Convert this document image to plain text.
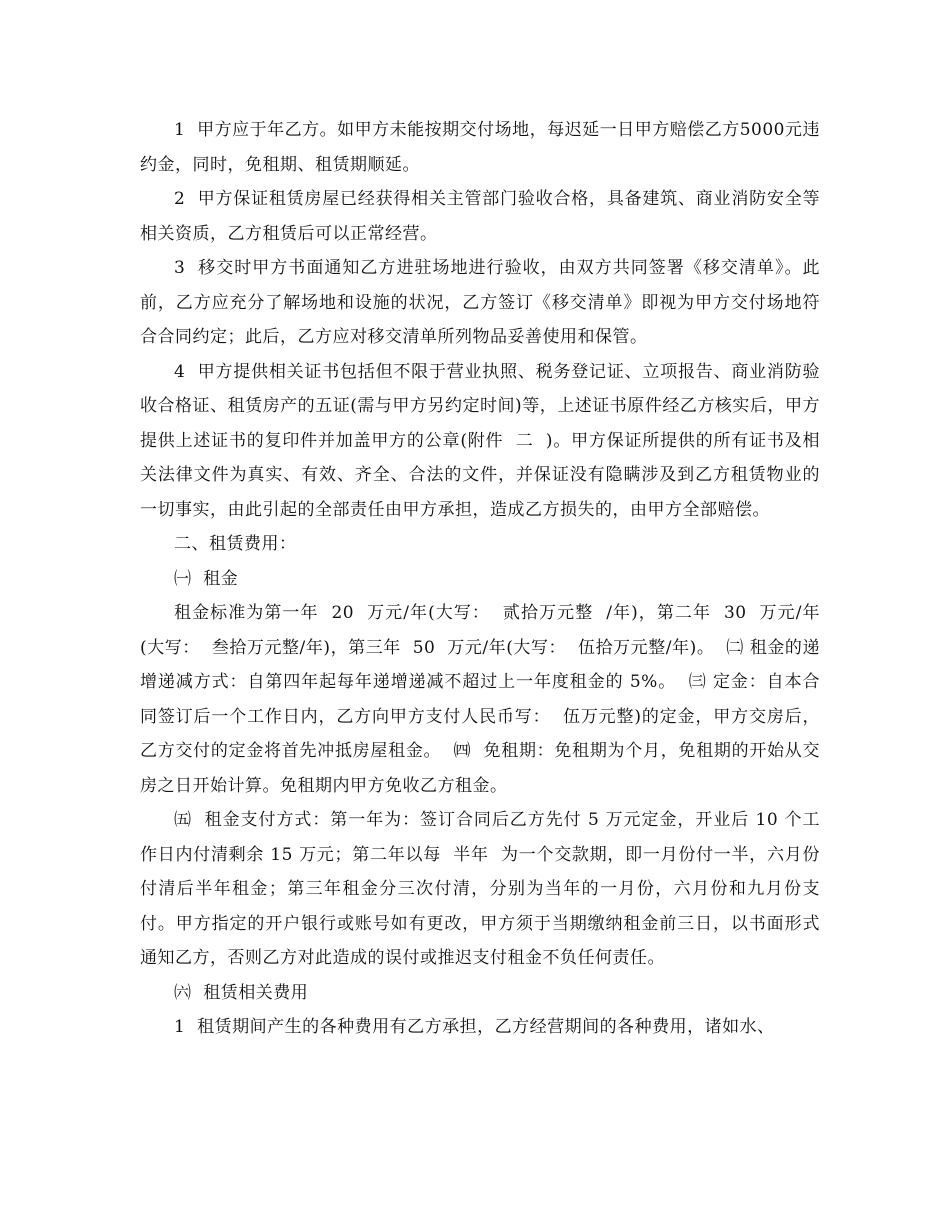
1  甲方应于年乙方。如甲方未能按期交付场地，每迟延一日甲方赔偿乙方5000元违约金，同时，免租期、租赁期顺延。

2  甲方保证租赁房屋已经获得相关主管部门验收合格，具备建筑、商业消防安全等相关资质，乙方租赁后可以正常经营。

3  移交时甲方书面通知乙方进驻场地进行验收，由双方共同签署《移交清单》。此前，乙方应充分了解场地和设施的状况，乙方签订《移交清单》即视为甲方交付场地符合合同约定；此后，乙方应对移交清单所列物品妥善使用和保管。

4  甲方提供相关证书包括但不限于营业执照、税务登记证、立项报告、商业消防验收合格证、租赁房产的五证(需与甲方另约定时间)等，上述证书原件经乙方核实后，甲方提供上述证书的复印件并加盖甲方的公章(附件  二  )。甲方保证所提供的所有证书及相关法律文件为真实、有效、齐全、合法的文件，并保证没有隐瞒涉及到乙方租赁物业的一切事实，由此引起的全部责任由甲方承担，造成乙方损失的，由甲方全部赔偿。

二、租赁费用：

㈠  租金

租金标准为第一年  20  万元/年(大写：  贰拾万元整  /年)，第二年  30  万元/年(大写：  叁拾万元整/年)，第三年  50  万元/年(大写：  伍拾万元整/年)。  ㈡ 租金的递增递减方式：自第四年起每年递增递减不超过上一年度租金的 5%。  ㈢ 定金：自本合同签订后一个工作日内，乙方向甲方支付人民币写：  伍万元整)的定金，甲方交房后，乙方交付的定金将首先冲抵房屋租金。  ㈣  免租期：免租期为个月，免租期的开始从交房之日开始计算。免租期内甲方免收乙方租金。

㈤  租金支付方式：第一年为：签订合同后乙方先付 5 万元定金，开业后 10 个工作日内付清剩余 15 万元；第二年以每  半年  为一个交款期，即一月份付一半，六月份付清后半年租金；第三年租金分三次付清，分别为当年的一月份，六月份和九月份支付。甲方指定的开户银行或账号如有更改，甲方须于当期缴纳租金前三日，以书面形式通知乙方，否则乙方对此造成的误付或推迟支付租金不负任何责任。

㈥  租赁相关费用

1  租赁期间产生的各种费用有乙方承担，乙方经营期间的各种费用，诸如水、
